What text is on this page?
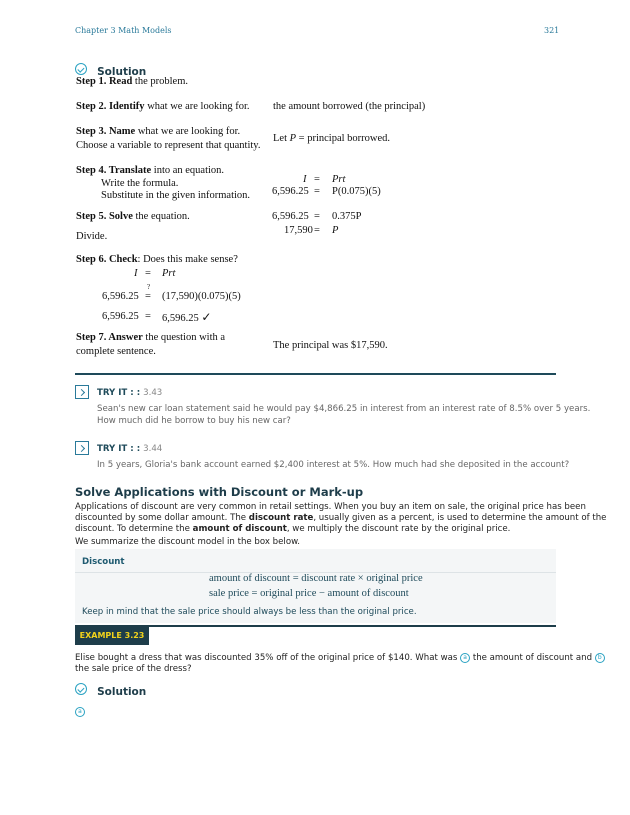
Chapter 3 Math Models	321
Solution
Step 1. Read the problem.
Step 2. Identify what we are looking for. the amount borrowed (the principal)
Step 3. Name what we are looking for.
Choose a variable to represent that quantity.
Let P = principal borrowed.
Step 4. Translate into an equation.
Write the formula.
Substitute in the given information.
I = Prt
6,596.25 = P(0.075)(5)
Step 5. Solve the equation.
Divide.
6,596.25 = 0.375P
17,590 = P
Step 6. Check: Does this make sense?
I = Prt
6,596.25
?
= (17,590)(0.075)(5)
6,596.25 = 6,596.25 ✓
Step 7. Answer the question with a
complete sentence.
The principal was $17,590.
TRY IT : : 3.43
Sean's new car loan statement said he would pay $4,866.25 in interest from an interest rate of 8.5% over 5 years.
How much did he borrow to buy his new car?
TRY IT : : 3.44
In 5 years, Gloria's bank account earned $2,400 interest at 5%. How much had she deposited in the account?
Solve Applications with Discount or Mark-up
Applications of discount are very common in retail settings. When you buy an item on sale, the original price has been
discounted by some dollar amount. The discount rate, usually given as a percent, is used to determine the amount of the
discount. To determine the amount of discount, we multiply the discount rate by the original price.
We summarize the discount model in the box below.
Discount
amount of discount = discount rate × original price
sale price = original price − amount of discount
Keep in mind that the sale price should always be less than the original price.
EXAMPLE 3.23
Elise bought a dress that was discounted 35% off of the original price of $140. What was a the amount of discount and b
the sale price of the dress?
Solution
a
